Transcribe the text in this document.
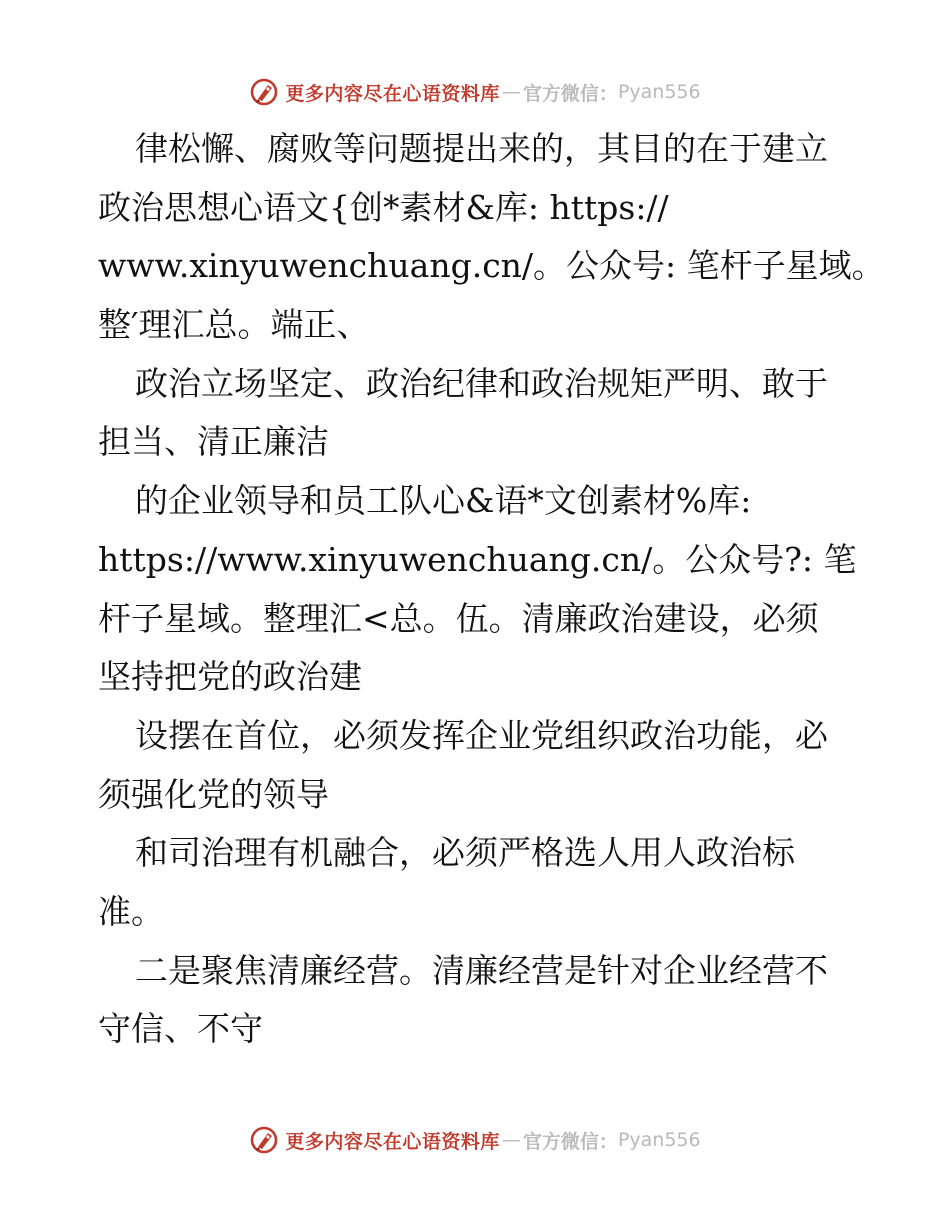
更多内容尽在心语资料库 — 官方微信： Pyan556
律松懈、腐败等问题提出来的，其目的在于建立
政治思想心语文{创*素材&库: https://
www.xinyuwenchuang.cn/。公众号: 笔杆子星域。
整′理汇总。端正、
政治立场坚定、政治纪律和政治规矩严明、敢于
担当、清正廉洁
的企业领导和员工队心&语*文创素材%库:
https://www.xinyuwenchuang.cn/。公众号?: 笔
杆子星域。整理汇<总。伍。清廉政治建设，必须
坚持把党的政治建
设摆在首位，必须发挥企业党组织政治功能，必
须强化党的领导
和司治理有机融合，必须严格选人用人政治标
准。
二是聚焦清廉经营。清廉经营是针对企业经营不
守信、不守
更多内容尽在心语资料库 — 官方微信： Pyan556
